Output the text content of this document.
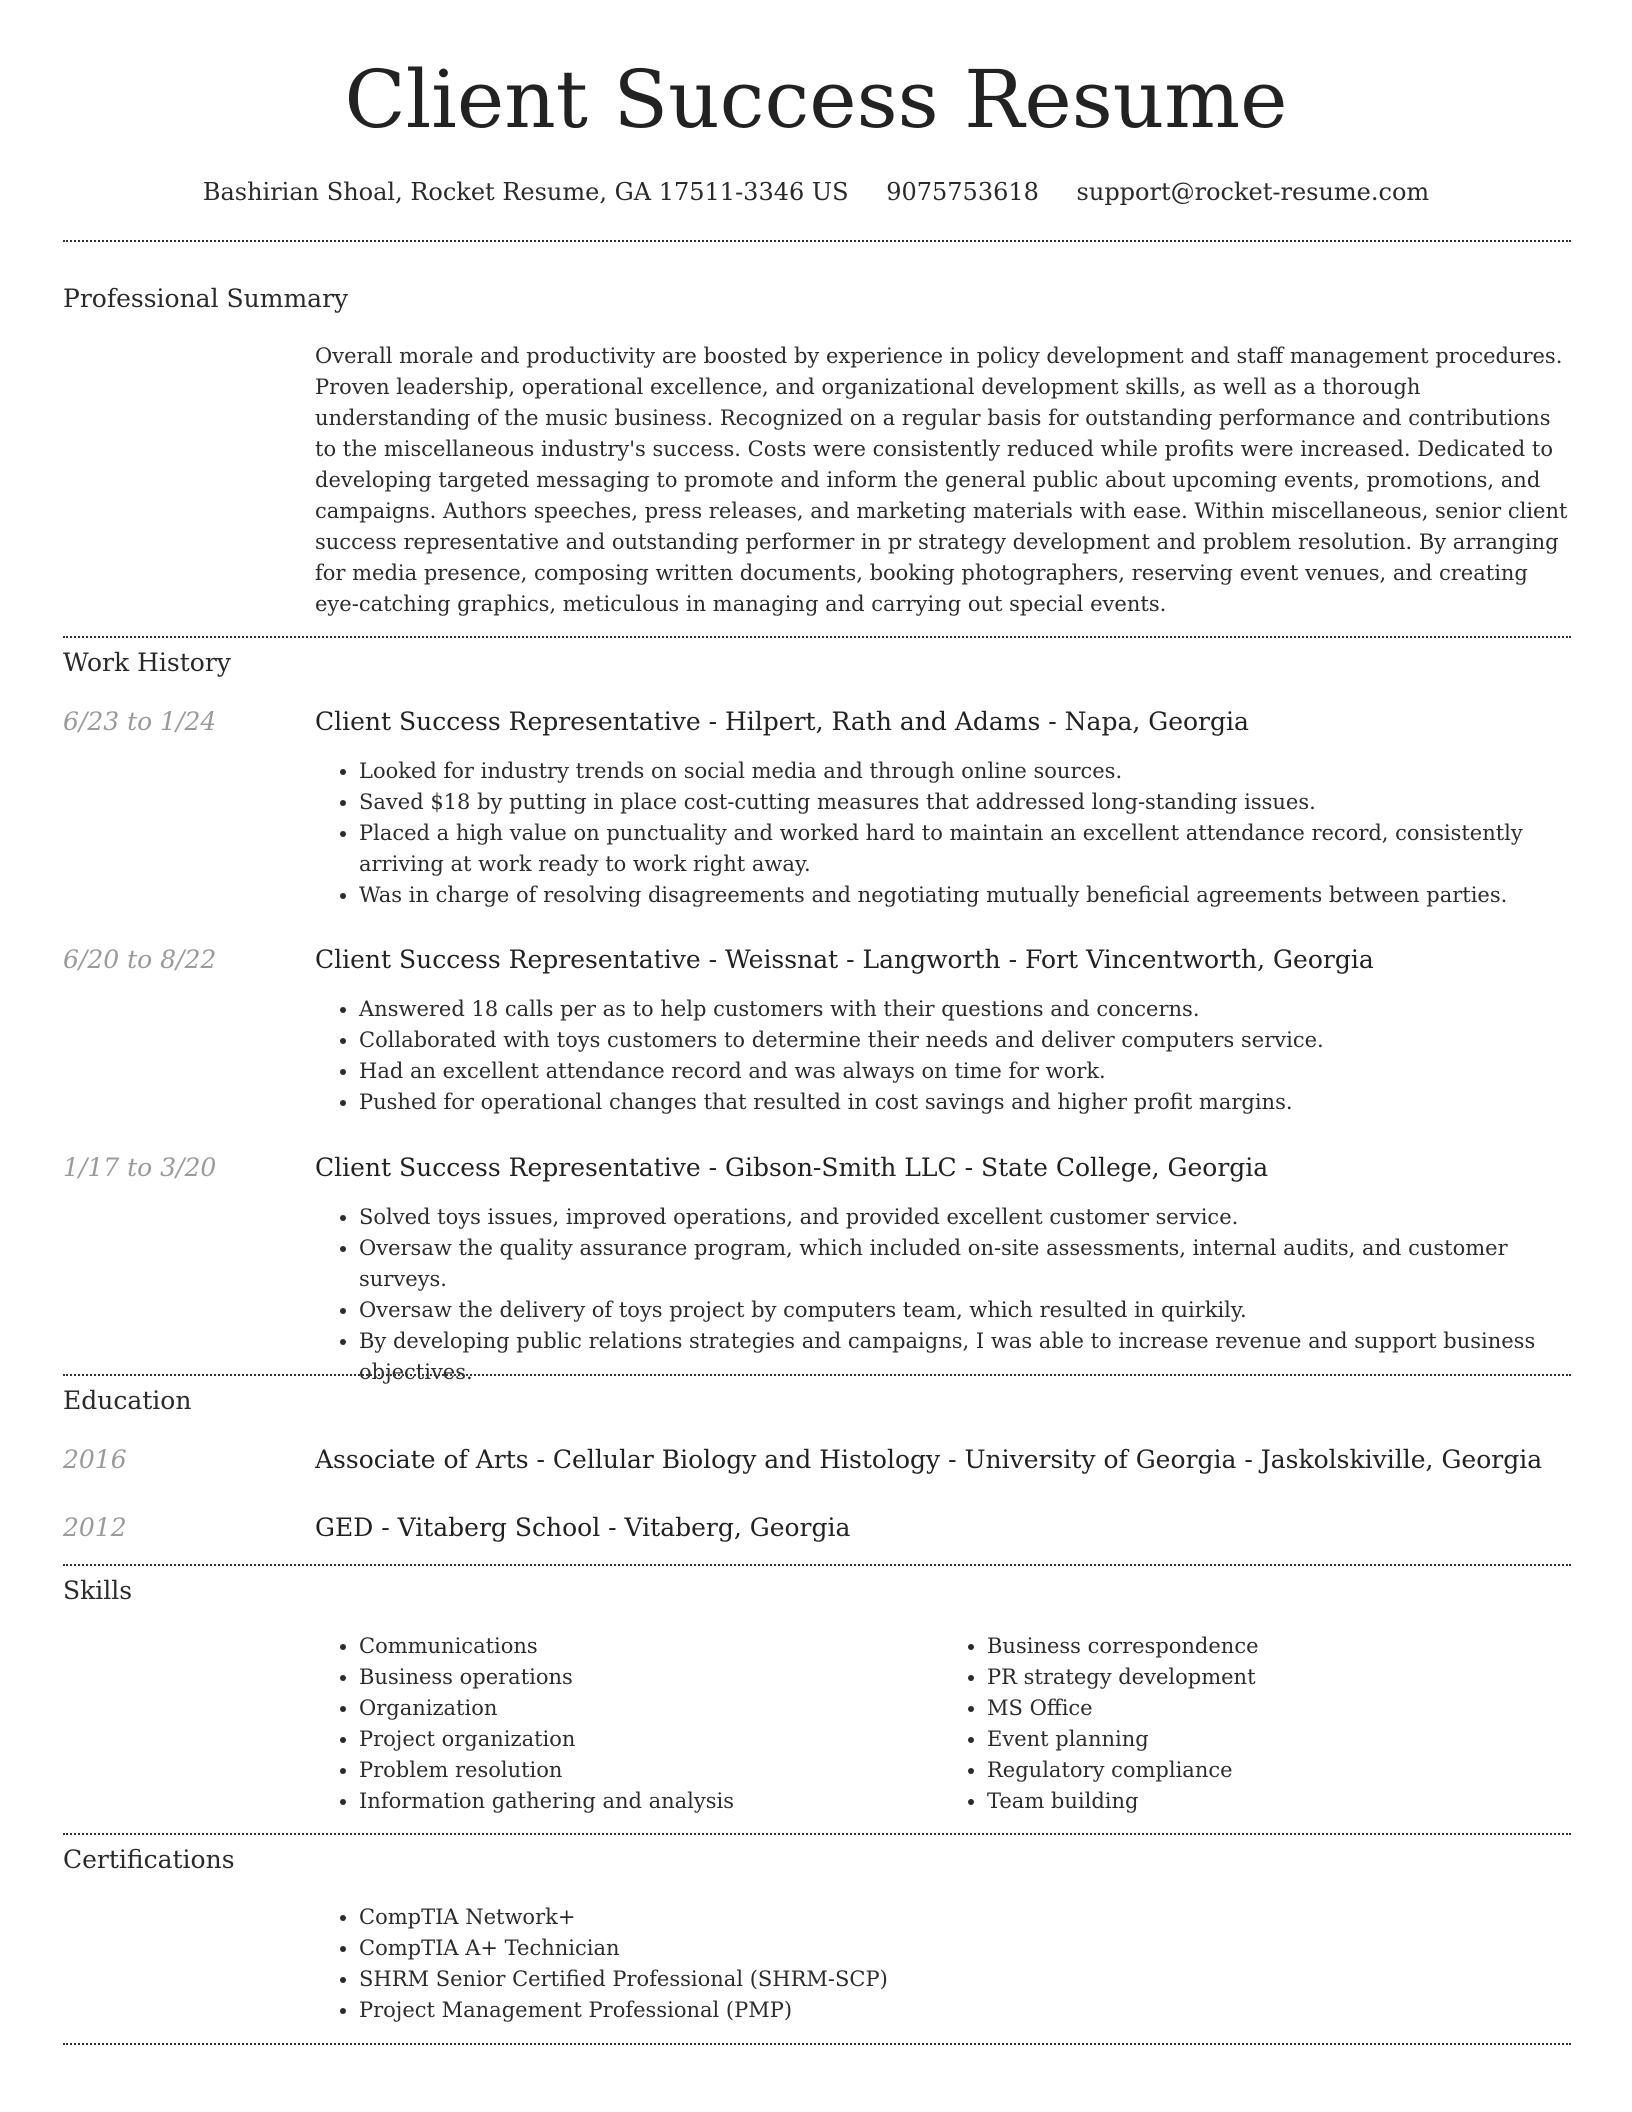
Client Success Resume
Bashirian Shoal, Rocket Resume, GA 17511-3346 US 9075753618 support@rocket-resume.com
Professional Summary
Overall morale and productivity are boosted by experience in policy development and staff management procedures. Proven leadership, operational excellence, and organizational development skills, as well as a thorough understanding of the music business. Recognized on a regular basis for outstanding performance and contributions to the miscellaneous industry's success. Costs were consistently reduced while profits were increased. Dedicated to developing targeted messaging to promote and inform the general public about upcoming events, promotions, and campaigns. Authors speeches, press releases, and marketing materials with ease. Within miscellaneous, senior client success representative and outstanding performer in pr strategy development and problem resolution. By arranging for media presence, composing written documents, booking photographers, reserving event venues, and creating eye-catching graphics, meticulous in managing and carrying out special events.
Work History
6/23 to 1/24	Client Success Representative - Hilpert, Rath and Adams - Napa, Georgia
• Looked for industry trends on social media and through online sources.
• Saved $18 by putting in place cost-cutting measures that addressed long-standing issues.
• Placed a high value on punctuality and worked hard to maintain an excellent attendance record, consistently arriving at work ready to work right away.
• Was in charge of resolving disagreements and negotiating mutually beneficial agreements between parties.
6/20 to 8/22	Client Success Representative - Weissnat - Langworth - Fort Vincentworth, Georgia
• Answered 18 calls per as to help customers with their questions and concerns.
• Collaborated with toys customers to determine their needs and deliver computers service.
• Had an excellent attendance record and was always on time for work.
• Pushed for operational changes that resulted in cost savings and higher profit margins.
1/17 to 3/20	Client Success Representative - Gibson-Smith LLC - State College, Georgia
• Solved toys issues, improved operations, and provided excellent customer service.
• Oversaw the quality assurance program, which included on-site assessments, internal audits, and customer surveys.
• Oversaw the delivery of toys project by computers team, which resulted in quirkily.
• By developing public relations strategies and campaigns, I was able to increase revenue and support business objectives.
Education
2016	Associate of Arts - Cellular Biology and Histology - University of Georgia - Jaskolskiville, Georgia
2012	GED - Vitaberg School - Vitaberg, Georgia
Skills
• Communications
• Business operations
• Organization
• Project organization
• Problem resolution
• Information gathering and analysis
• Business correspondence
• PR strategy development
• MS Office
• Event planning
• Regulatory compliance
• Team building
Certifications
• CompTIA Network+
• CompTIA A+ Technician
• SHRM Senior Certified Professional (SHRM-SCP)
• Project Management Professional (PMP)
